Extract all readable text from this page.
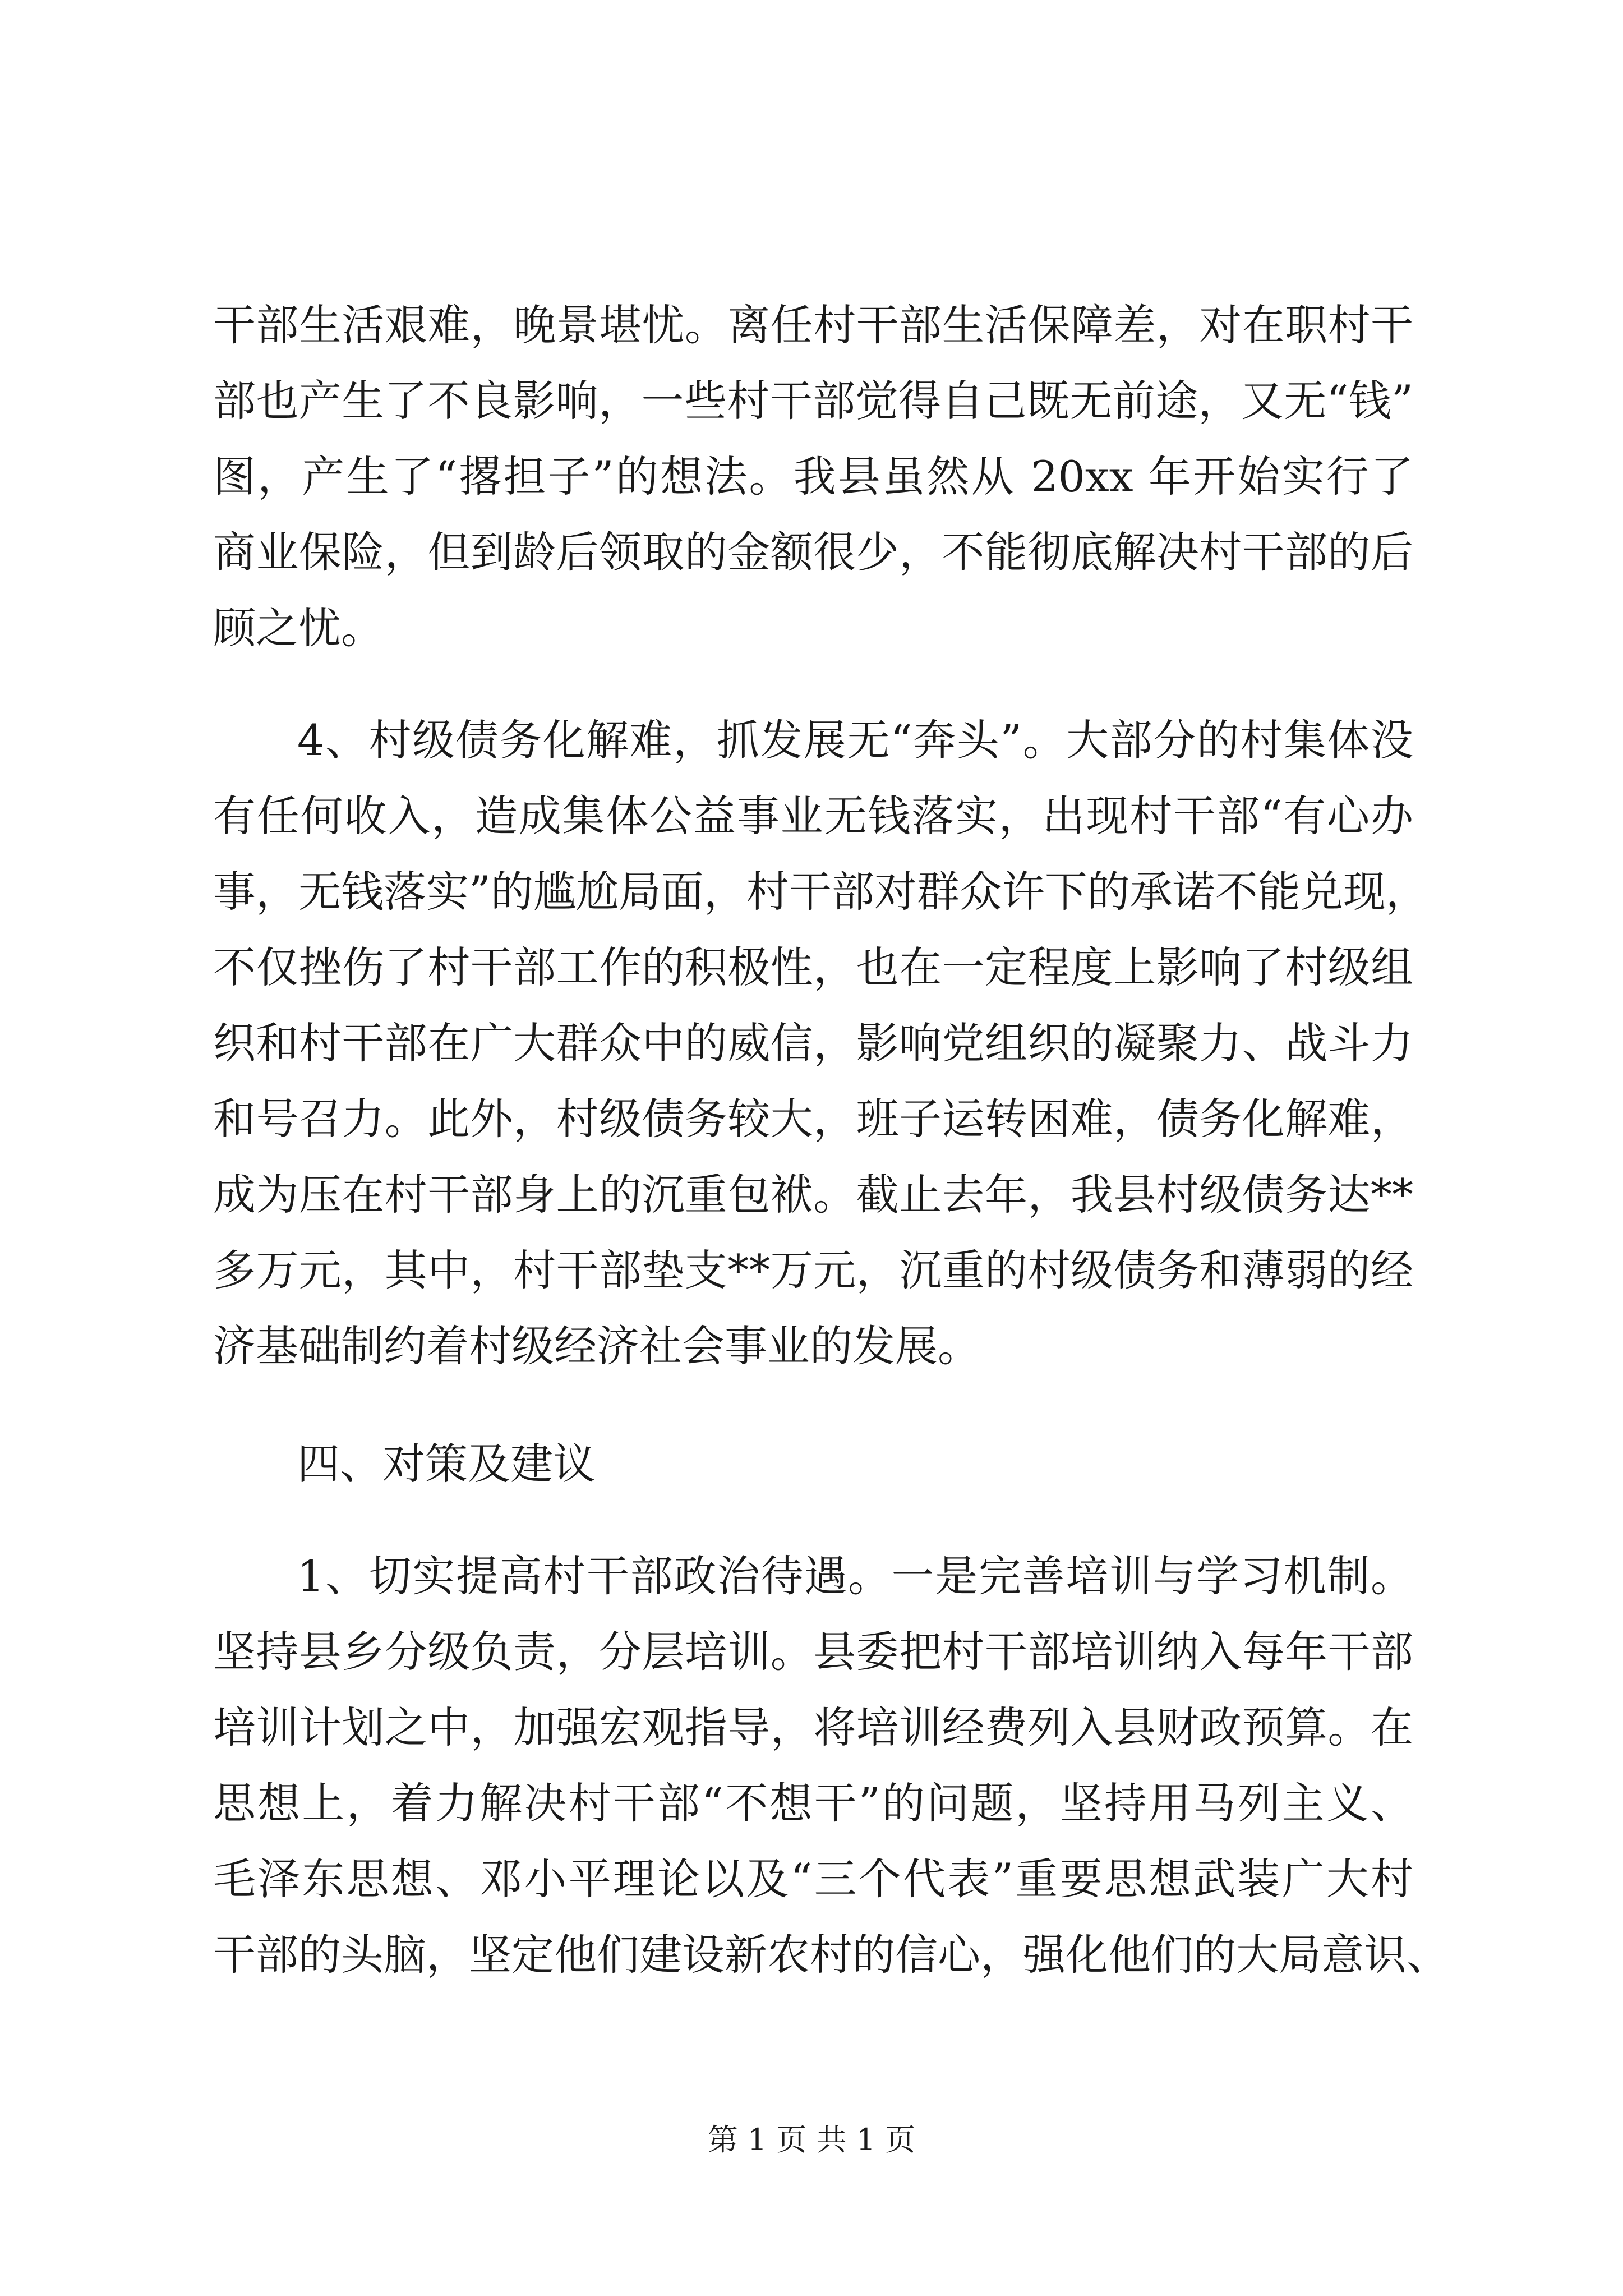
干部生活艰难，晚景堪忧。离任村干部生活保障差，对在职村干
部也产生了不良影响，一些村干部觉得自己既无前途，又无“钱”
图，产生了“撂担子”的想法。我县虽然从 20xx 年开始实行了
商业保险，但到龄后领取的金额很少，不能彻底解决村干部的后
顾之忧。
4、村级债务化解难，抓发展无“奔头”。大部分的村集体没
有任何收入，造成集体公益事业无钱落实，出现村干部“有心办
事，无钱落实”的尴尬局面，村干部对群众许下的承诺不能兑现，
不仅挫伤了村干部工作的积极性，也在一定程度上影响了村级组
织和村干部在广大群众中的威信，影响党组织的凝聚力、战斗力
和号召力。此外，村级债务较大，班子运转困难，债务化解难，
成为压在村干部身上的沉重包袱。截止去年，我县村级债务达**
多万元，其中，村干部垫支**万元，沉重的村级债务和薄弱的经
济基础制约着村级经济社会事业的发展。
四、对策及建议
1、切实提高村干部政治待遇。一是完善培训与学习机制。
坚持县乡分级负责，分层培训。县委把村干部培训纳入每年干部
培训计划之中，加强宏观指导，将培训经费列入县财政预算。在
思想上，着力解决村干部“不想干”的问题，坚持用马列主义、
毛泽东思想、邓小平理论以及“三个代表”重要思想武装广大村
干部的头脑，坚定他们建设新农村的信心，强化他们的大局意识、
第 1 页 共 1 页
